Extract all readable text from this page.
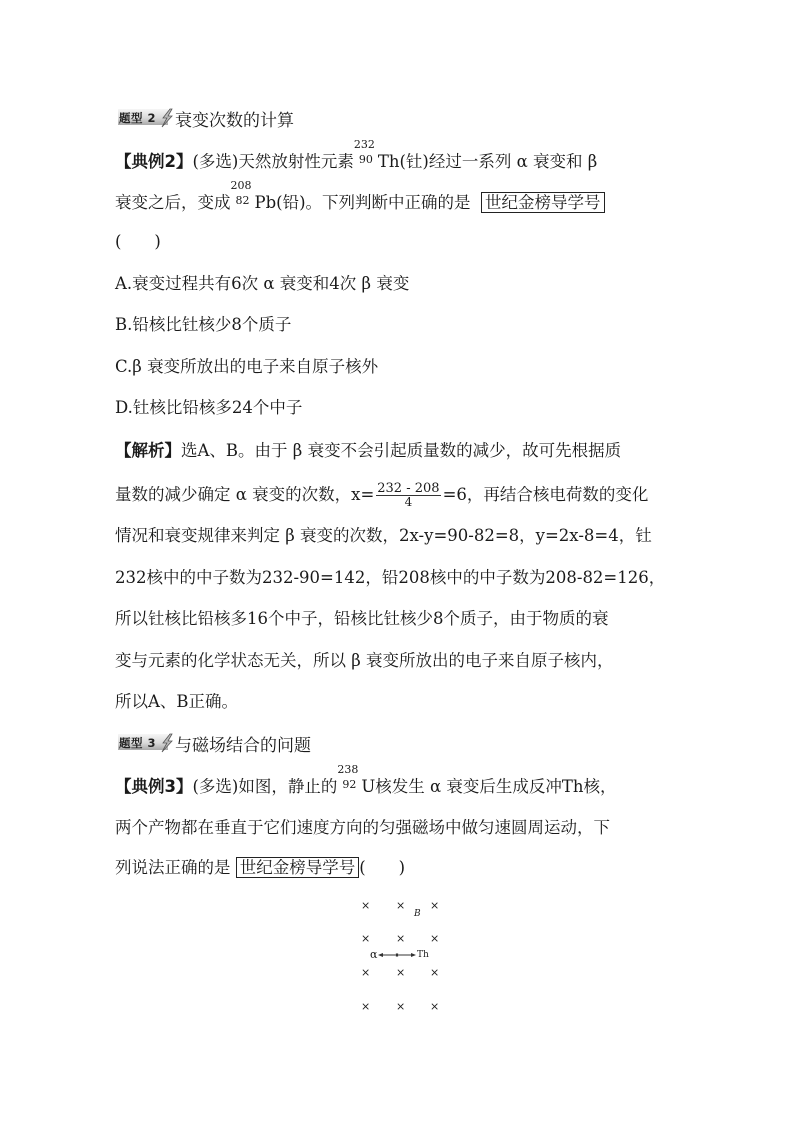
题型 2 衰变次数的计算
【典例2】(多选)天然放射性元素
232
90 Th(钍)经过一系列 α 衰变和 β
衰变之后，变成
208
82 Pb(铅)。下列判断中正确的是 世纪金榜导学号
(　　)
A.衰变过程共有6次 α 衰变和4次 β 衰变
B.铅核比钍核少8个质子
C.β 衰变所放出的电子来自原子核外
D.钍核比铅核多24个中子
【解析】选A、B。由于 β 衰变不会引起质量数的减少，故可先根据质
量数的减少确定 α 衰变的次数，$x= \frac{232 - 208}{4} =6$，再结合核电荷数的变化
情况和衰变规律来判定 β 衰变的次数，2x-y=90-82=8，y=2x-8=4，钍
232核中的中子数为232-90=142，铅208核中的中子数为208-82=126，
所以钍核比铅核多16个中子，铅核比钍核少8个质子，由于物质的衰
变与元素的化学状态无关，所以 β 衰变所放出的电子来自原子核内，
所以A、B正确。
题型 3 与磁场结合的问题
【典例3】(多选)如图，静止的
238
92 U核发生 α 衰变后生成反冲Th核，
两个产物都在垂直于它们速度方向的匀强磁场中做匀速圆周运动，下
列说法正确的是 世纪金榜导学号 (　　)
× × ×
B
× × ×
α	Th
× × ×
× × ×
